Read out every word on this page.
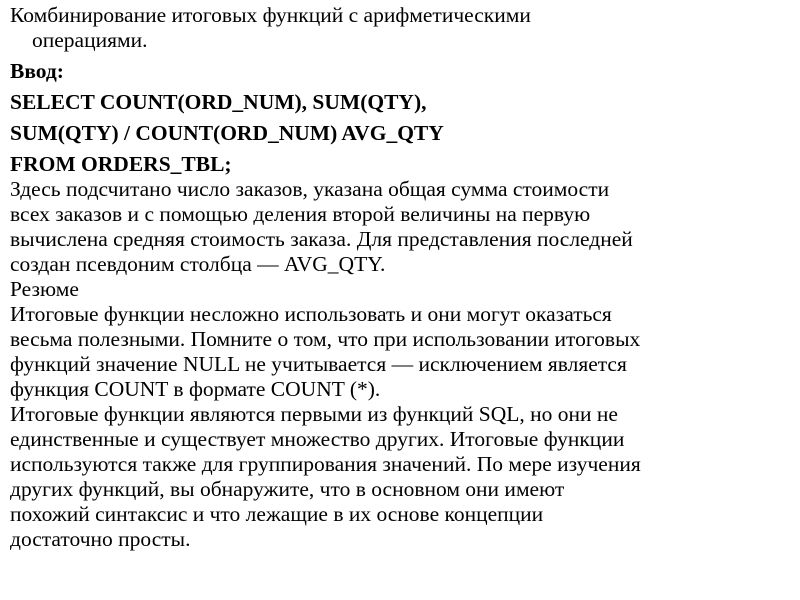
Комбинирование итоговых функций с арифметическими
операциями.
Ввод:
SELECT COUNT(ORD_NUM), SUM(QTY),
SUM(QTY) / COUNT(ORD_NUM) AVG_QTY
FROM ORDERS_TBL;
Здесь подсчитано число заказов, указана общая сумма стоимости
всех заказов и с помощью деления второй величины на первую
вычислена средняя стоимость заказа. Для представления последней
создан псевдоним столбца — AVG_QTY.
Резюме
Итоговые функции несложно использовать и они могут оказаться
весьма полезными. Помните о том, что при использовании итоговых
функций значение NULL не учитывается — исключением является
функция COUNT в формате COUNT (*).
Итоговые функции являются первыми из функций SQL, но они не
единственные и существует множество других. Итоговые функции
используются также для группирования значений. По мере изучения
других функций, вы обнаружите, что в основном они имеют
похожий синтаксис и что лежащие в их основе концепции
достаточно просты.
